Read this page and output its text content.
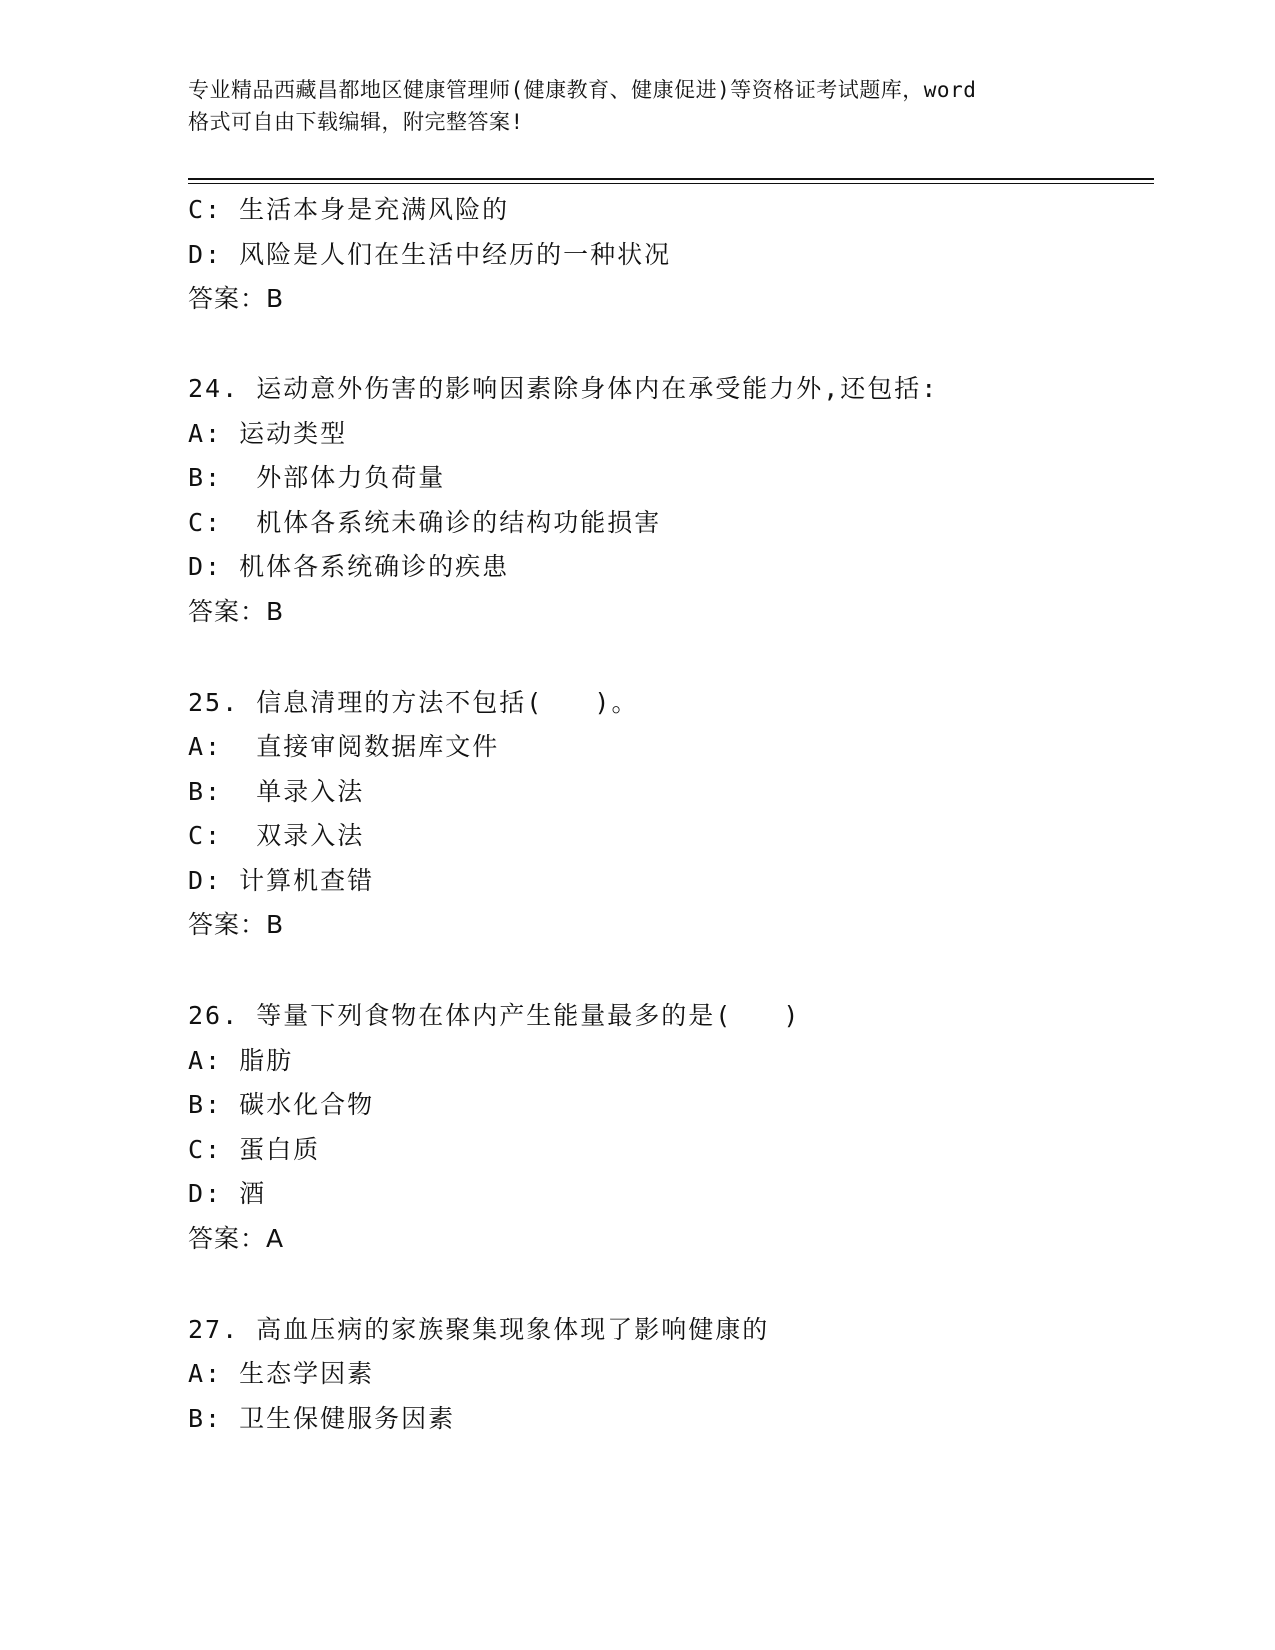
专业精品西藏昌都地区健康管理师(健康教育、健康促进)等资格证考试题库，word
格式可自由下载编辑，附完整答案!
C: 生活本身是充满风险的
D: 风险是人们在生活中经历的一种状况
答案：B
24. 运动意外伤害的影响因素除身体内在承受能力外,还包括:
A: 运动类型
B:  外部体力负荷量
C:  机体各系统未确诊的结构功能损害
D: 机体各系统确诊的疾患
答案：B
25. 信息清理的方法不包括(   )。
A:  直接审阅数据库文件
B:  单录入法
C:  双录入法
D: 计算机查错
答案：B
26. 等量下列食物在体内产生能量最多的是(   )
A: 脂肪
B: 碳水化合物
C: 蛋白质
D: 酒
答案：A
27. 高血压病的家族聚集现象体现了影响健康的
A: 生态学因素
B: 卫生保健服务因素
